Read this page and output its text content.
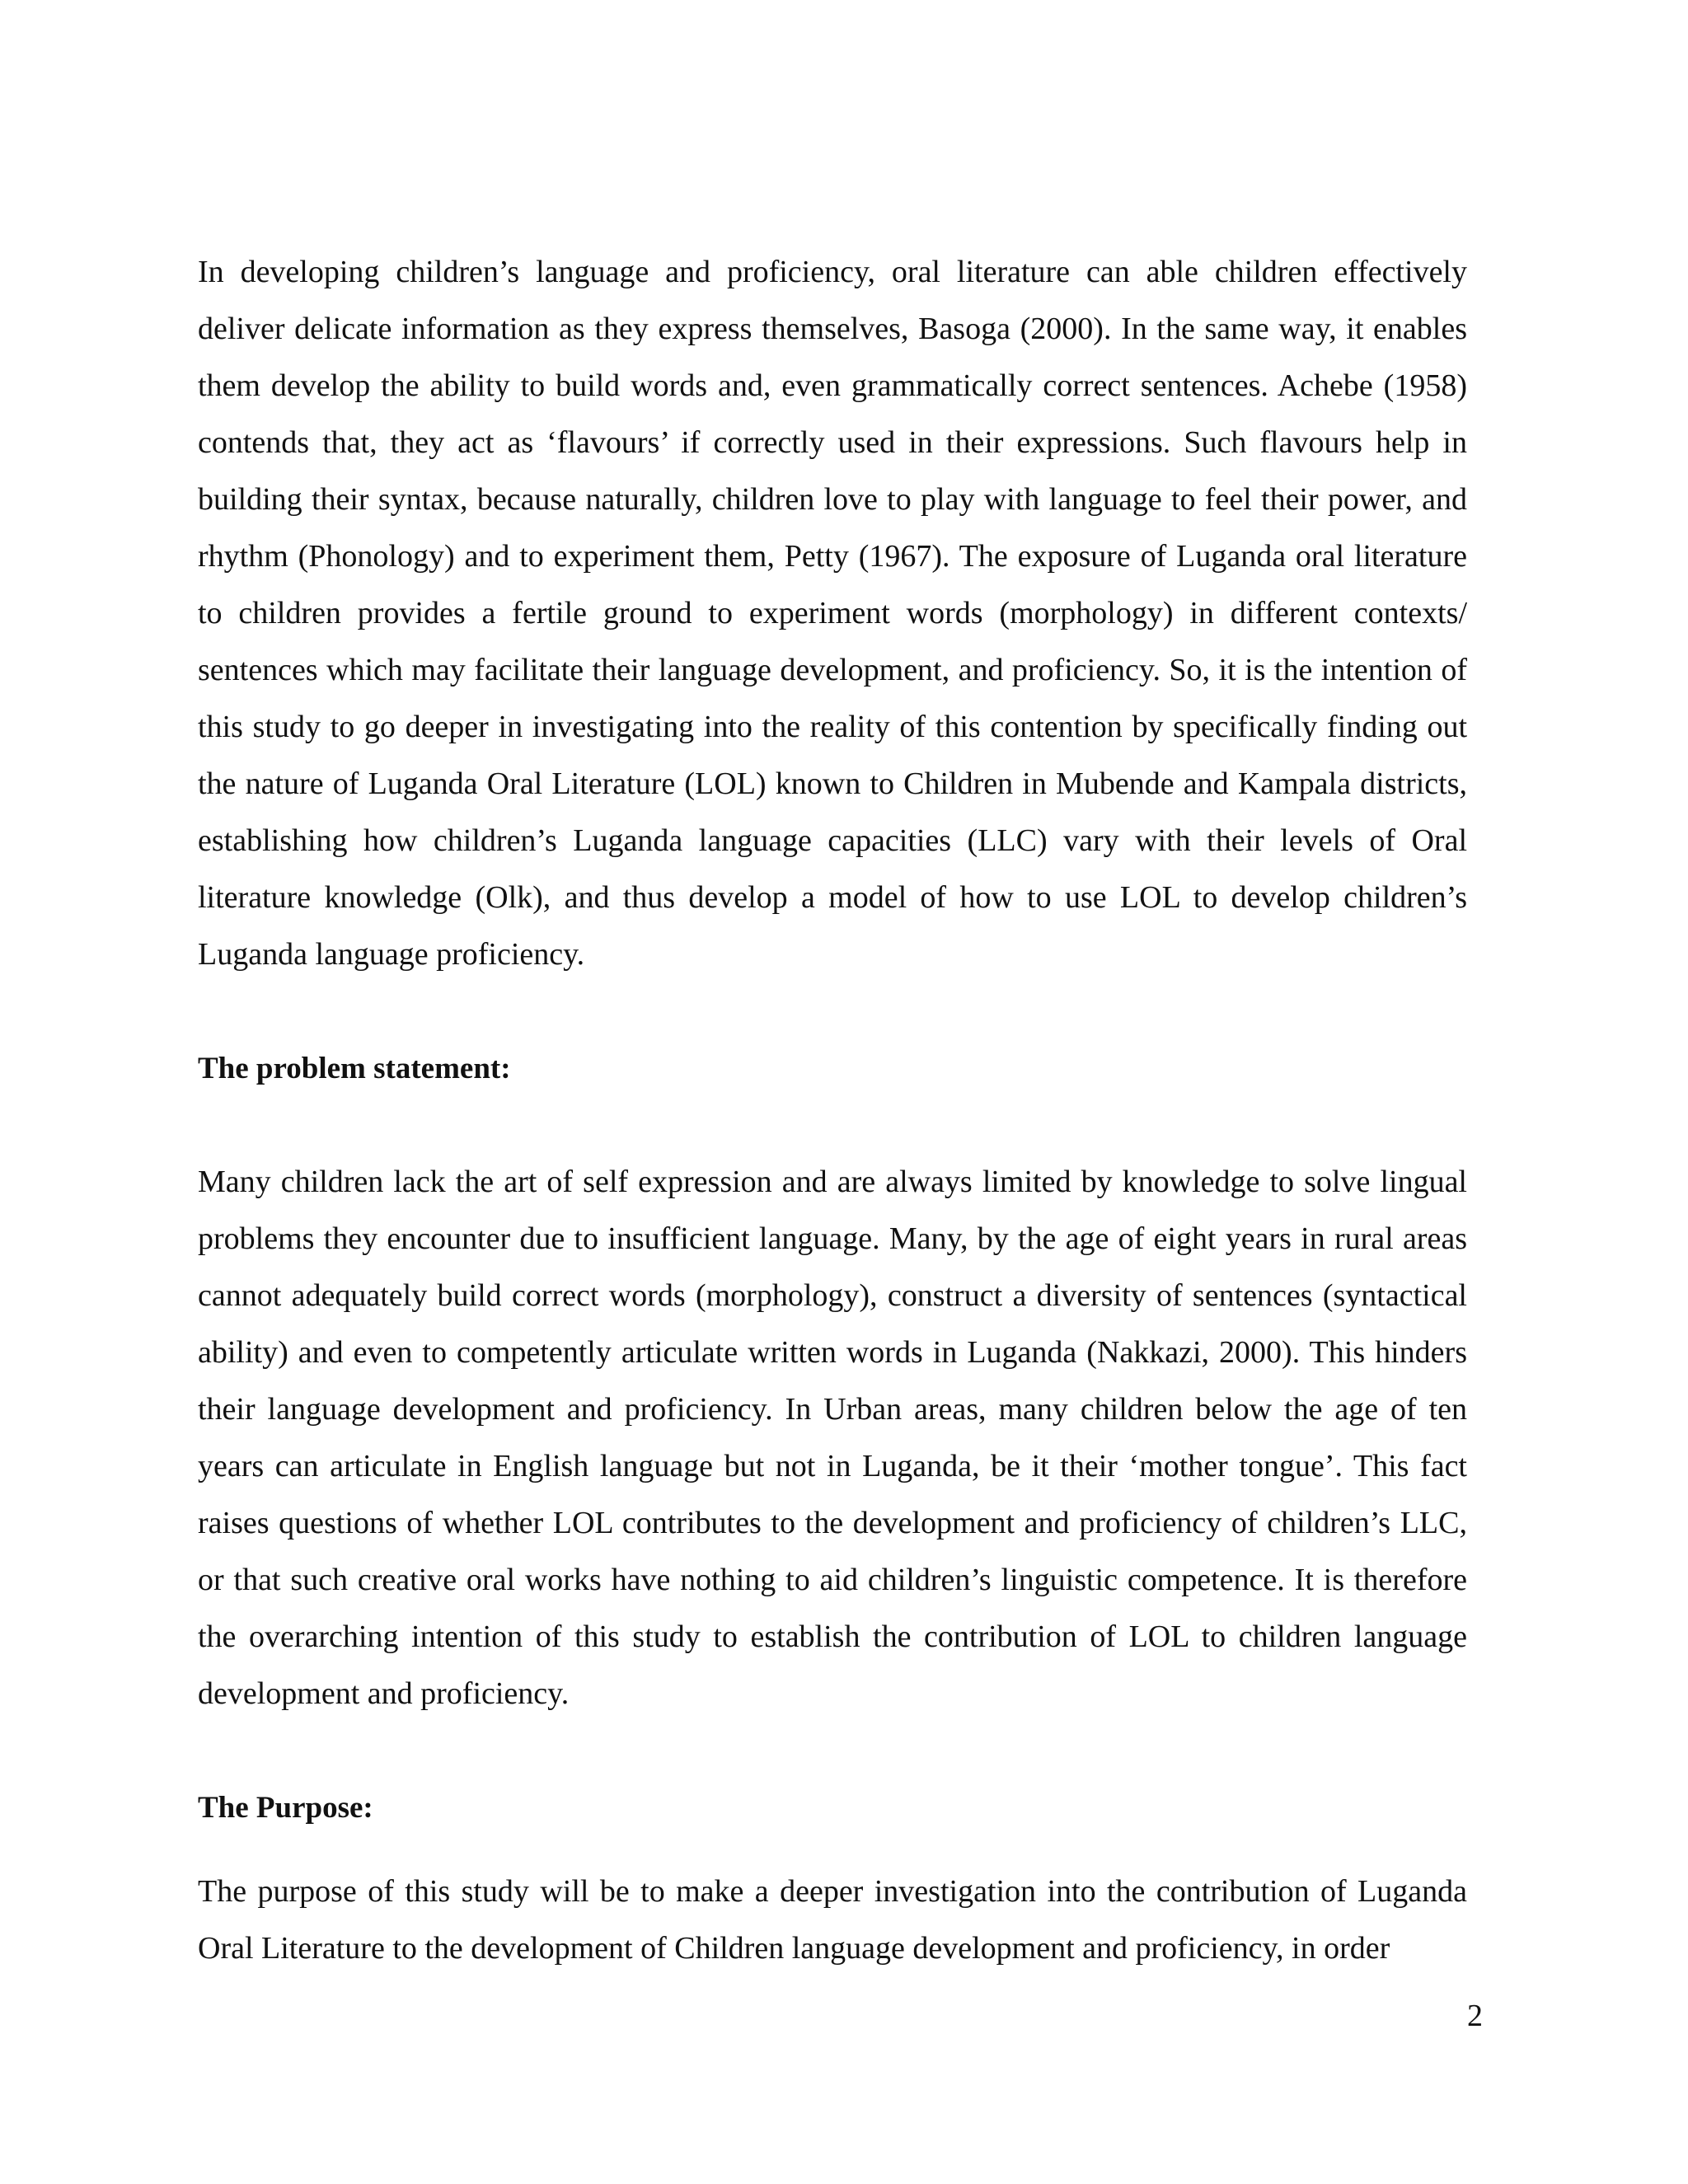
In developing children’s language and proficiency, oral literature can able children effectively deliver delicate information as they express themselves, Basoga (2000). In the same way, it enables them develop the ability to build words and, even grammatically correct sentences. Achebe (1958) contends that, they act as ‘flavours’ if correctly used in their expressions. Such flavours help in building their syntax, because naturally, children love to play with language to feel their power, and rhythm (Phonology) and to experiment them, Petty (1967). The exposure of Luganda oral literature to children provides a fertile ground to experiment words (morphology) in different contexts/ sentences which may facilitate their language development, and proficiency. So, it is the intention of this study to go deeper in investigating into the reality of this contention by specifically finding out the nature of Luganda Oral Literature (LOL) known to Children in Mubende and Kampala districts, establishing how children’s Luganda language capacities (LLC) vary with their levels of Oral literature knowledge (Olk), and thus develop a model of how to use LOL to develop children’s Luganda language proficiency.

The problem statement:

Many children lack the art of self expression and are always limited by knowledge to solve lingual problems they encounter due to insufficient language. Many, by the age of eight years in rural areas cannot adequately build correct words (morphology), construct a diversity of sentences (syntactical ability) and even to competently articulate written words in Luganda (Nakkazi, 2000). This hinders their language development and proficiency. In Urban areas, many children below the age of ten years can articulate in English language but not in Luganda, be it their ‘mother tongue’. This fact raises questions of whether LOL contributes to the development and proficiency of children’s LLC, or that such creative oral works have nothing to aid children’s linguistic competence. It is therefore the overarching intention of this study to establish the contribution of LOL to children language development and proficiency.

The Purpose:

The purpose of this study will be to make a deeper investigation into the contribution of Luganda Oral Literature to the development of Children language development and proficiency, in order

2
